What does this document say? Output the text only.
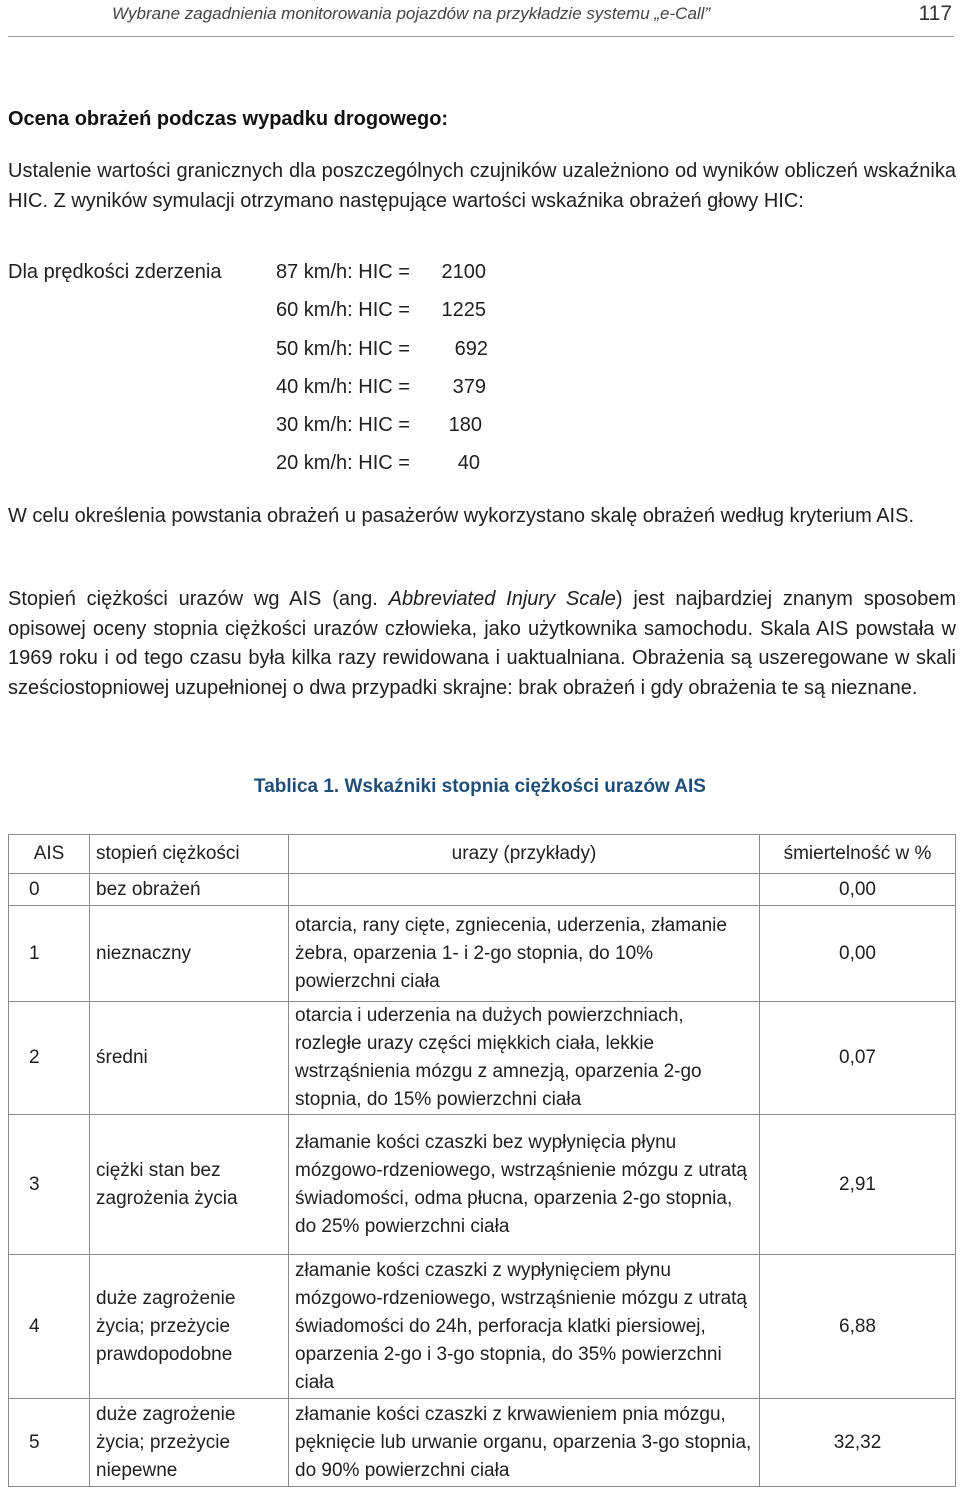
Wybrane zagadnienia monitorowania pojazdów na przykładzie systemu „e-Call”	117
Ocena obrażeń podczas wypadku drogowego:
Ustalenie wartości granicznych dla poszczególnych czujników uzależniono od wyników obliczeń wskaźnika HIC. Z wyników symulacji otrzymano następujące wartości wskaźnika obrażeń głowy HIC:
Dla prędkości zderzenia	87 km/h: HIC =	2100
60 km/h: HIC =	1225
50 km/h: HIC =	692
40 km/h: HIC =	379
30 km/h: HIC =	180
20 km/h: HIC =	40
W celu określenia powstania obrażeń u pasażerów wykorzystano skalę obrażeń według kryterium AIS.
Stopień ciężkości urazów wg AIS (ang. Abbreviated Injury Scale) jest najbardziej znanym sposobem opisowej oceny stopnia ciężkości urazów człowieka, jako użytkownika samochodu. Skala AIS powstała w 1969 roku i od tego czasu była kilka razy rewidowana i uaktualniana. Obrażenia są uszeregowane w skali sześciostopniowej uzupełnionej o dwa przypadki skrajne: brak obrażeń i gdy obrażenia te są nieznane.
Tablica 1. Wskaźniki stopnia ciężkości urazów AIS
AIS	stopień ciężkości	urazy (przykłady)	śmiertelność w %
0	bez obrażeń		0,00
1	nieznaczny	otarcia, rany cięte, zgniecenia, uderzenia, złamanie żebra, oparzenia 1- i 2-go stopnia, do 10% powierzchni ciała	0,00
2	średni	otarcia i uderzenia na dużych powierzchniach, rozległe urazy części miękkich ciała, lekkie wstrząśnienia mózgu z amnezją, oparzenia 2-go stopnia, do 15% powierzchni ciała	0,07
3	ciężki stan bez zagrożenia życia	złamanie kości czaszki bez wypłynięcia płynu mózgowo-rdzeniowego, wstrząśnienie mózgu z utratą świadomości, odma płucna, oparzenia 2-go stopnia, do 25% powierzchni ciała	2,91
4	duże zagrożenie życia; przeżycie prawdopodobne	złamanie kości czaszki z wypłynięciem płynu mózgowo-rdzeniowego, wstrząśnienie mózgu z utratą świadomości do 24h, perforacja klatki piersiowej, oparzenia 2-go i 3-go stopnia, do 35% powierzchni ciała	6,88
5	duże zagrożenie życia; przeżycie niepewne	złamanie kości czaszki z krwawieniem pnia mózgu, pęknięcie lub urwanie organu, oparzenia 3-go stopnia, do 90% powierzchni ciała	32,32
